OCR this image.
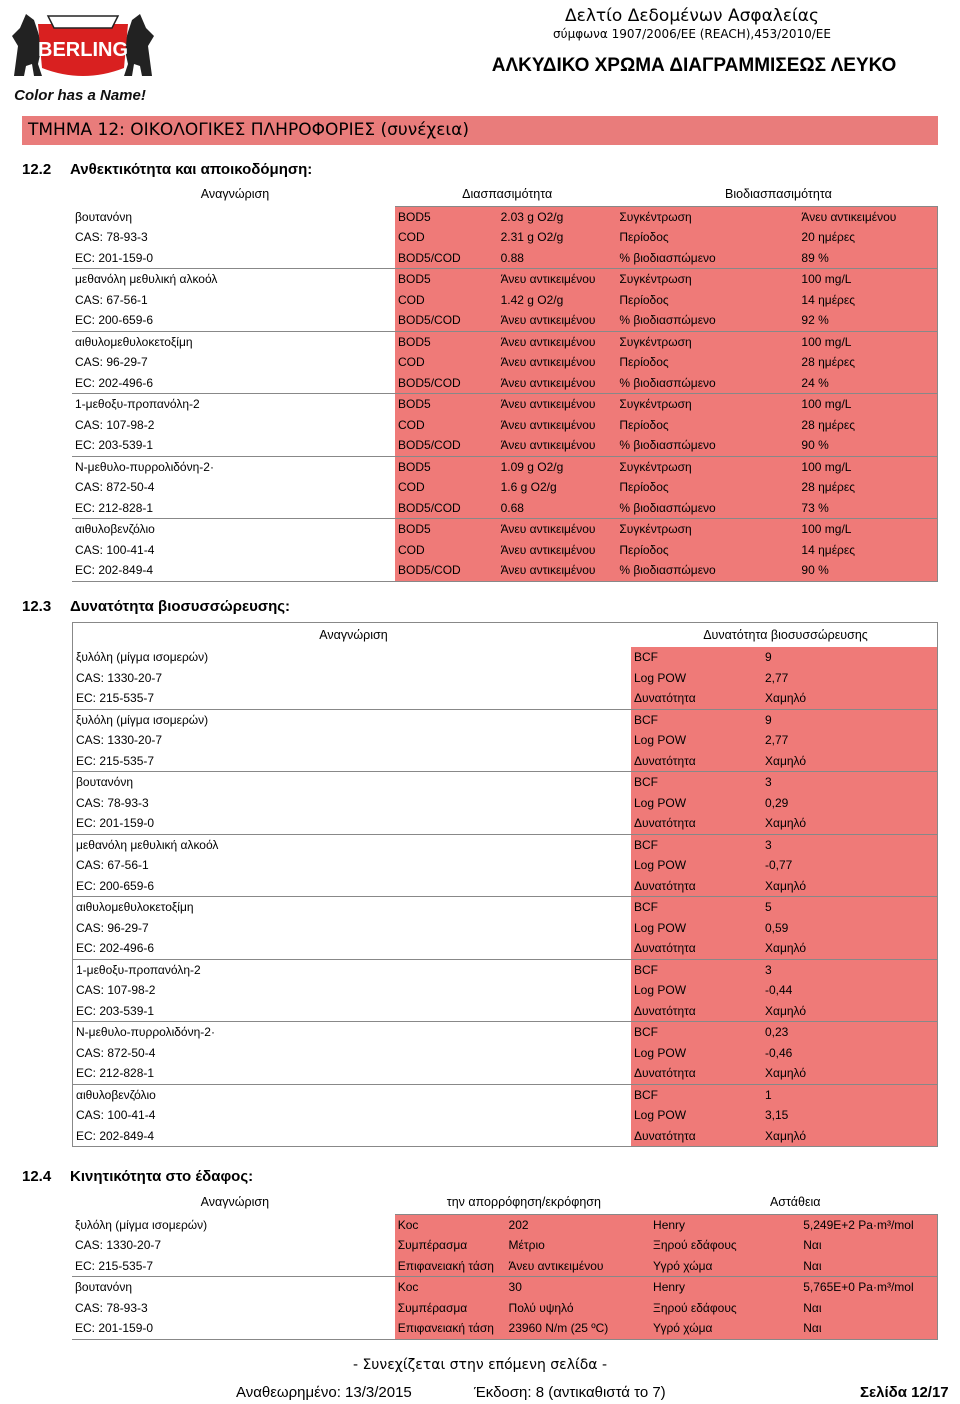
BERLING
Color has a Name!
Δελτίο Δεδομένων Ασφαλείας
σύμφωνα 1907/2006/ΕΕ (REACH),453/2010/ΕΕ
ΑΛΚΥΔΙΚΟ ΧΡΩΜΑ ΔΙΑΓΡΑΜΜΙΣΕΩΣ ΛΕΥΚΟ
ΤΜΗΜΑ 12: ΟΙΚΟΛΟΓΙΚΕΣ ΠΛΗΡΟΦΟΡΙΕΣ (συνέχεια)
12.2 Ανθεκτικότητα και αποικοδόμηση:
Αναγνώριση	Διασπασιμότητα		Βιοδιασπασιμότητα	
βουτανόνη	BOD5	2.03 g O2/g	Συγκέντρωση	Άνευ αντικειμένου
CAS: 78-93-3	COD	2.31 g O2/g	Περίοδος	20 ημέρες
EC: 201-159-0	BOD5/COD	0.88	% βιοδιασπώμενο	89 %
μεθανόλη μεθυλική αλκοόλ	BOD5	Άνευ αντικειμένου	Συγκέντρωση	100 mg/L
CAS: 67-56-1	COD	1.42 g O2/g	Περίοδος	14 ημέρες
EC: 200-659-6	BOD5/COD	Άνευ αντικειμένου	% βιοδιασπώμενο	92 %
αιθυλομεθυλοκετοξίμη	BOD5	Άνευ αντικειμένου	Συγκέντρωση	100 mg/L
CAS: 96-29-7	COD	Άνευ αντικειμένου	Περίοδος	28 ημέρες
EC: 202-496-6	BOD5/COD	Άνευ αντικειμένου	% βιοδιασπώμενο	24 %
1-μεθοξυ-προπανόλη-2	BOD5	Άνευ αντικειμένου	Συγκέντρωση	100 mg/L
CAS: 107-98-2	COD	Άνευ αντικειμένου	Περίοδος	28 ημέρες
EC: 203-539-1	BOD5/COD	Άνευ αντικειμένου	% βιοδιασπώμενο	90 %
N-μεθυλο-πυρρολιδόνη-2·	BOD5	1.09 g O2/g	Συγκέντρωση	100 mg/L
CAS: 872-50-4	COD	1.6 g O2/g	Περίοδος	28 ημέρες
EC: 212-828-1	BOD5/COD	0.68	% βιοδιασπώμενο	73 %
αιθυλοβενζόλιο	BOD5	Άνευ αντικειμένου	Συγκέντρωση	100 mg/L
CAS: 100-41-4	COD	Άνευ αντικειμένου	Περίοδος	14 ημέρες
EC: 202-849-4	BOD5/COD	Άνευ αντικειμένου	% βιοδιασπώμενο	90 %
12.3 Δυνατότητα βιοσυσσώρευσης:
Αναγνώριση	Δυνατότητα βιοσυσσώρευσης	
ξυλόλη (μίγμα ισομερών)	BCF	9
CAS: 1330-20-7	Log POW	2,77
EC: 215-535-7	Δυνατότητα	Χαμηλό
ξυλόλη (μίγμα ισομερών)	BCF	9
CAS: 1330-20-7	Log POW	2,77
EC: 215-535-7	Δυνατότητα	Χαμηλό
βουτανόνη	BCF	3
CAS: 78-93-3	Log POW	0,29
EC: 201-159-0	Δυνατότητα	Χαμηλό
μεθανόλη μεθυλική αλκοόλ	BCF	3
CAS: 67-56-1	Log POW	-0,77
EC: 200-659-6	Δυνατότητα	Χαμηλό
αιθυλομεθυλοκετοξίμη	BCF	5
CAS: 96-29-7	Log POW	0,59
EC: 202-496-6	Δυνατότητα	Χαμηλό
1-μεθοξυ-προπανόλη-2	BCF	3
CAS: 107-98-2	Log POW	-0,44
EC: 203-539-1	Δυνατότητα	Χαμηλό
N-μεθυλο-πυρρολιδόνη-2·	BCF	0,23
CAS: 872-50-4	Log POW	-0,46
EC: 212-828-1	Δυνατότητα	Χαμηλό
αιθυλοβενζόλιο	BCF	1
CAS: 100-41-4	Log POW	3,15
EC: 202-849-4	Δυνατότητα	Χαμηλό
12.4 Κινητικότητα στο έδαφος:
Αναγνώριση	την απορρόφηση/εκρόφηση		Αστάθεια	
ξυλόλη (μίγμα ισομερών)	Koc	202	Henry	5,249E+2 Pa·m³/mol
CAS: 1330-20-7	Συμπέρασμα	Μέτριο	Ξηρού εδάφους	Ναι
EC: 215-535-7	Επιφανειακή τάση	Άνευ αντικειμένου	Υγρό χώμα	Ναι
βουτανόνη	Koc	30	Henry	5,765E+0 Pa·m³/mol
CAS: 78-93-3	Συμπέρασμα	Πολύ υψηλό	Ξηρού εδάφους	Ναι
EC: 201-159-0	Επιφανειακή τάση	23960 N/m (25 ºC)	Υγρό χώμα	Ναι
- Συνεχίζεται στην επόμενη σελίδα -
Αναθεωρημένο: 13/3/2015	Έκδοση: 8 (αντικαθιστά το 7)	Σελίδα 12/17
